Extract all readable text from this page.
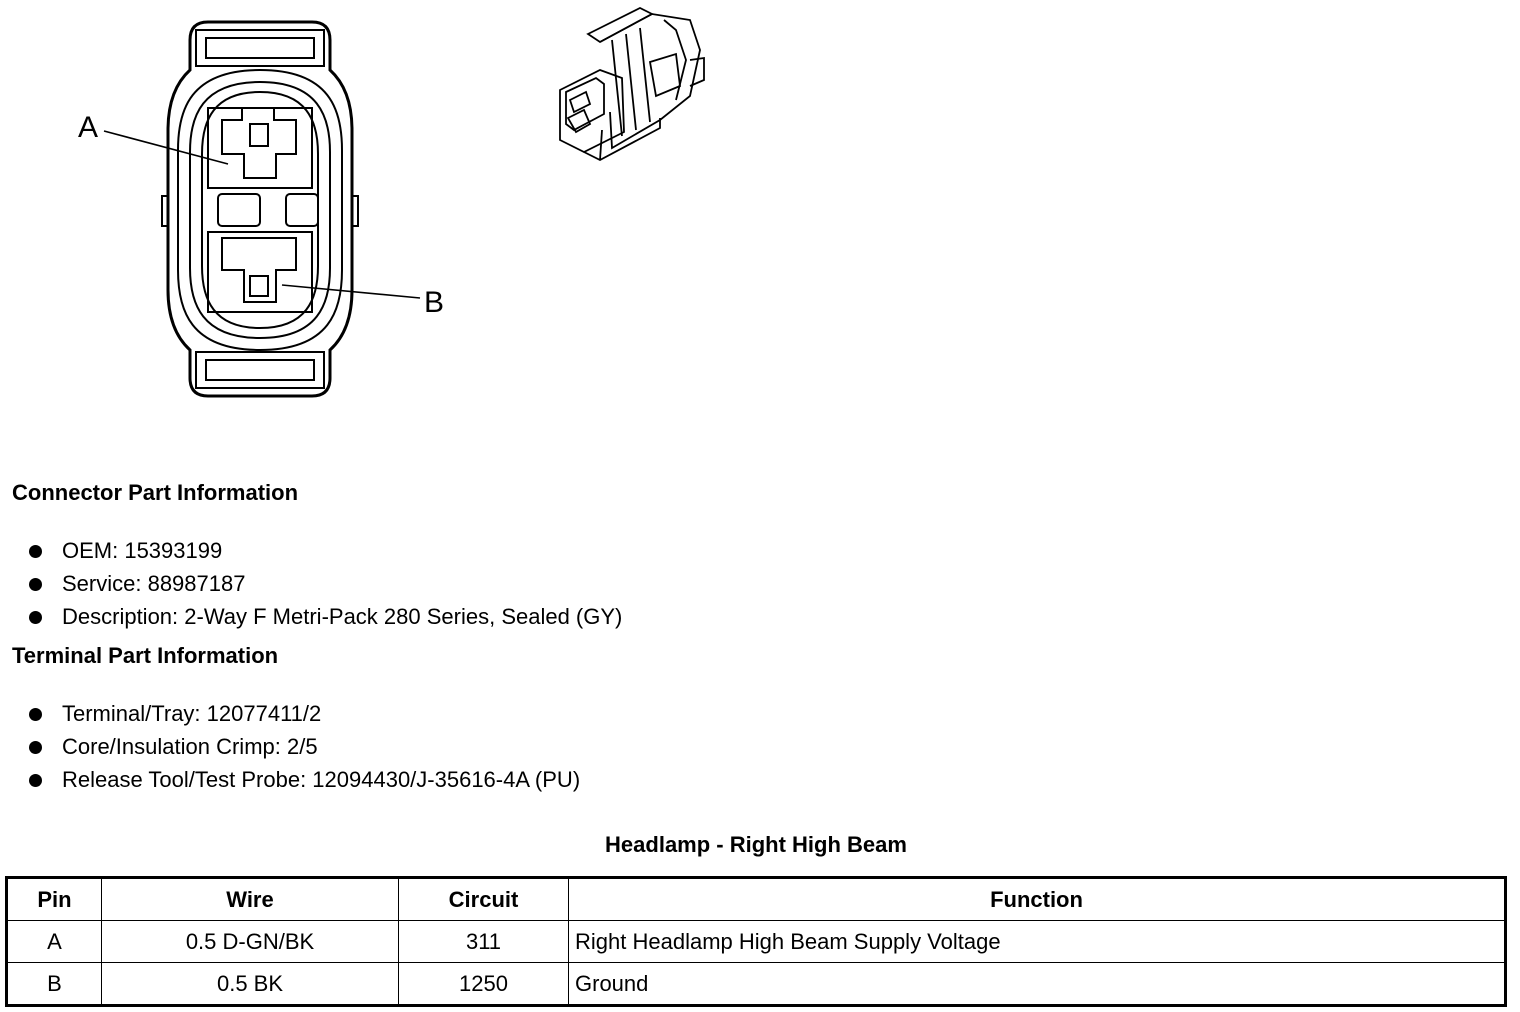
A
B
Connector Part Information
OEM: 15393199
Service: 88987187
Description: 2-Way F Metri-Pack 280 Series, Sealed (GY)
Terminal Part Information
Terminal/Tray: 12077411/2
Core/Insulation Crimp: 2/5
Release Tool/Test Probe: 12094430/J-35616-4A (PU)
Headlamp - Right High Beam
Pin	Wire	Circuit	Function
A	0.5 D-GN/BK	311	Right Headlamp High Beam Supply Voltage
B	0.5 BK	1250	Ground
